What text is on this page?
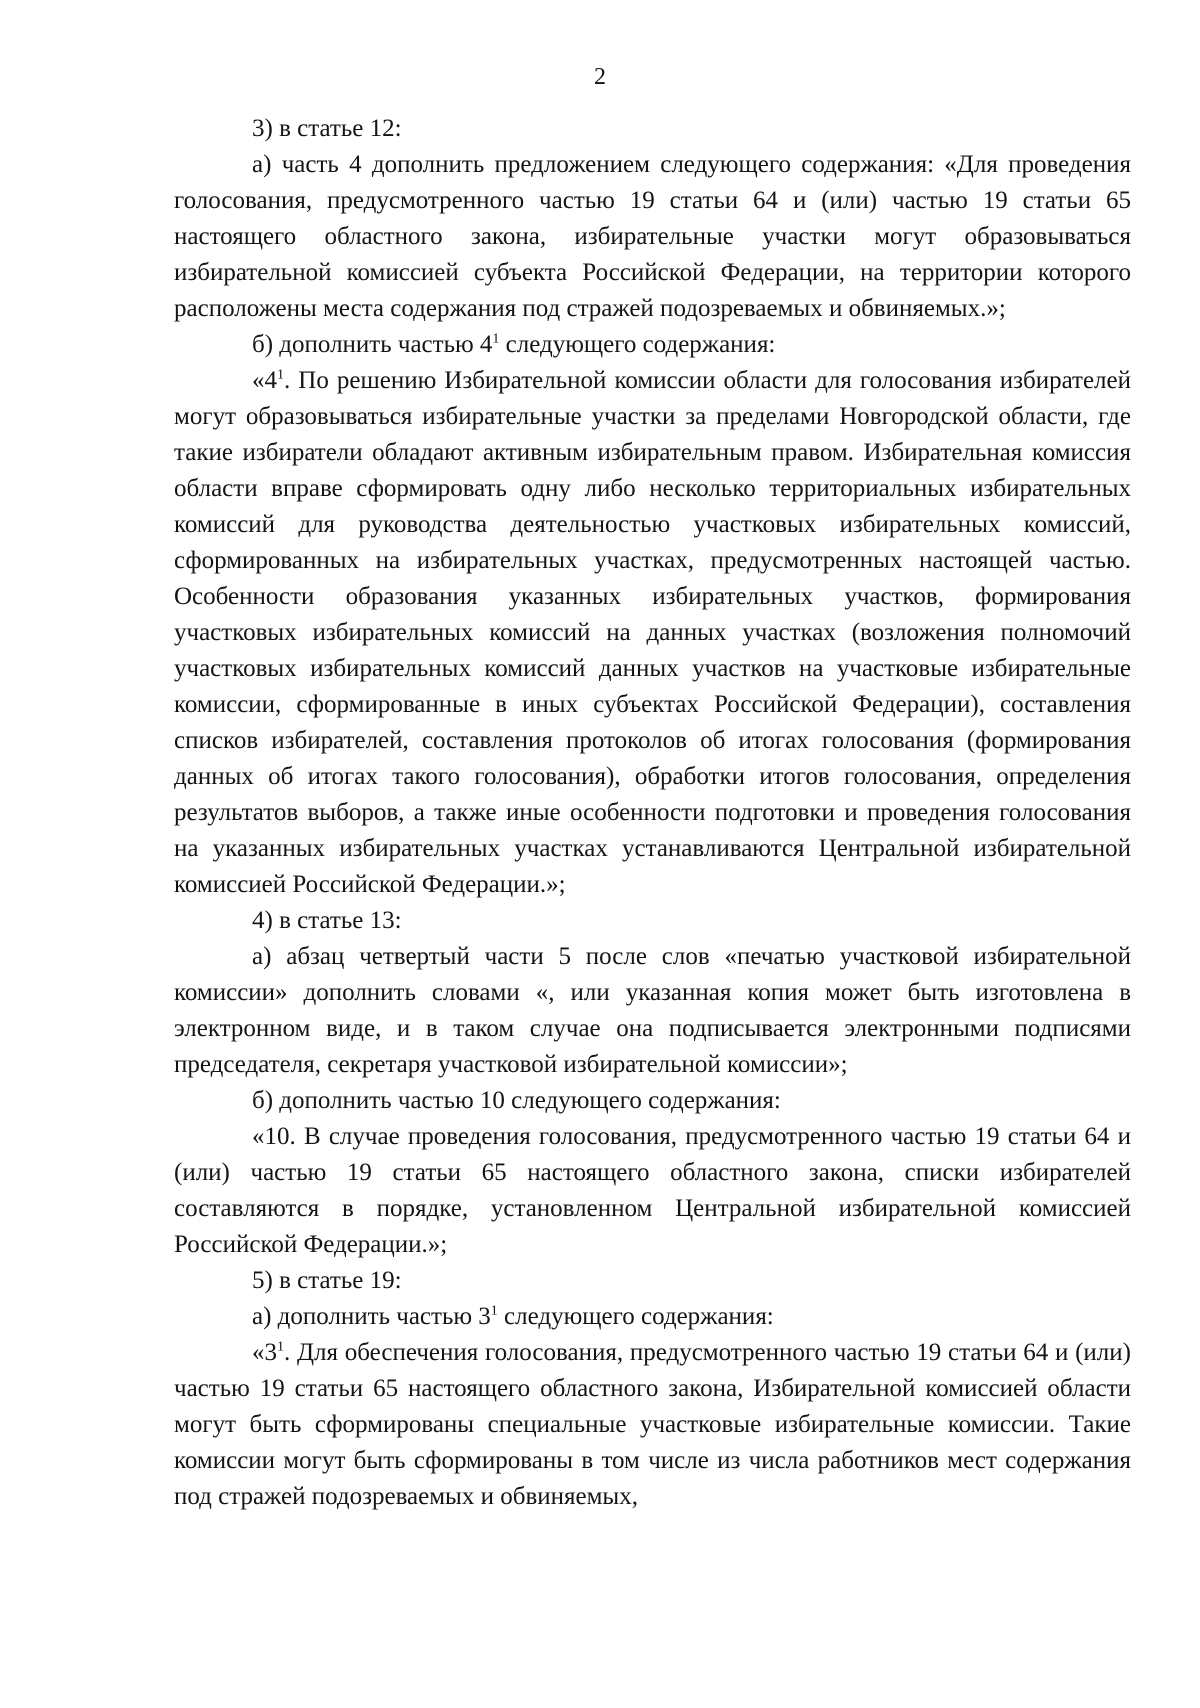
2

3) в статье 12:

а) часть 4 дополнить предложением следующего содержания: «Для проведения голосования, предусмотренного частью 19 статьи 64 и (или) частью 19 статьи 65 настоящего областного закона, избирательные участки могут образовываться избирательной комиссией субъекта Российской Федерации, на территории которого расположены места содержания под стражей подозреваемых и обвиняемых.»;

б) дополнить частью $4^1$ следующего содержания:

«$4^1$. По решению Избирательной комиссии области для голосования избирателей могут образовываться избирательные участки за пределами Новгородской области, где такие избиратели обладают активным избирательным правом. Избирательная комиссия области вправе сформировать одну либо несколько территориальных избирательных комиссий для руководства деятельностью участковых избирательных комиссий, сформированных на избирательных участках, предусмотренных настоящей частью. Особенности образования указанных избирательных участков, формирования участковых избирательных комиссий на данных участках (возложения полномочий участковых избирательных комиссий данных участков на участковые избирательные комиссии, сформированные в иных субъектах Российской Федерации), составления списков избирателей, составления протоколов об итогах голосования (формирования данных об итогах такого голосования), обработки итогов голосования, определения результатов выборов, а также иные особенности подготовки и проведения голосования на указанных избирательных участках устанавливаются Центральной избирательной комиссией Российской Федерации.»;

4) в статье 13:

а) абзац четвертый части 5 после слов «печатью участковой избирательной комиссии» дополнить словами «, или указанная копия может быть изготовлена в электронном виде, и в таком случае она подписывается электронными подписями председателя, секретаря участковой избирательной комиссии»;

б) дополнить частью 10 следующего содержания:

«10. В случае проведения голосования, предусмотренного частью 19 статьи 64 и (или) частью 19 статьи 65 настоящего областного закона, списки избирателей составляются в порядке, установленном Центральной избирательной комиссией Российской Федерации.»;

5) в статье 19:

а) дополнить частью $3^1$ следующего содержания:

«$3^1$. Для обеспечения голосования, предусмотренного частью 19 статьи 64 и (или) частью 19 статьи 65 настоящего областного закона, Избирательной комиссией области могут быть сформированы специальные участковые избирательные комиссии. Такие комиссии могут быть сформированы в том числе из числа работников мест содержания под стражей подозреваемых и обвиняемых,
